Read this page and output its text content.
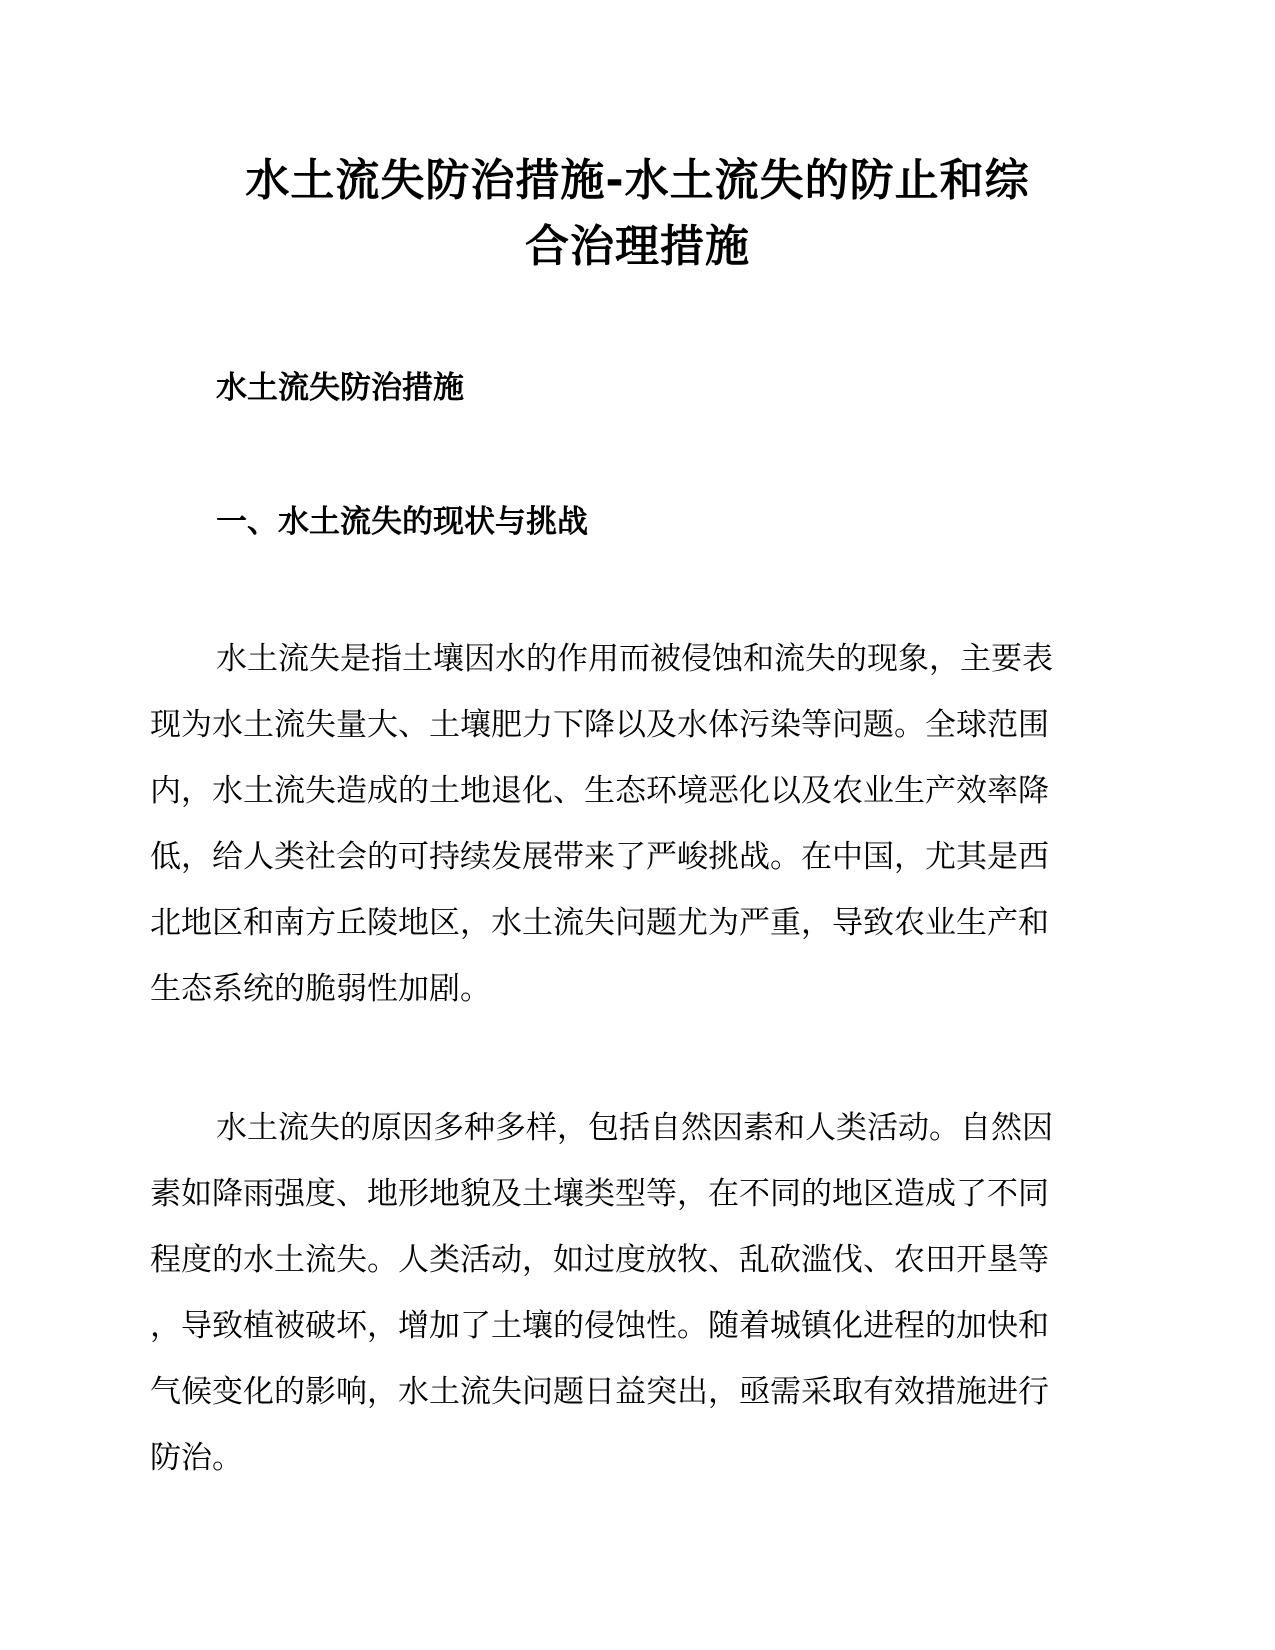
水土流失防治措施-水土流失的防止和综
合治理措施
水土流失防治措施
一、水土流失的现状与挑战

水土流失是指土壤因水的作用而被侵蚀和流失的现象，主要表
现为水土流失量大、土壤肥力下降以及水体污染等问题。全球范围
内，水土流失造成的土地退化、生态环境恶化以及农业生产效率降
低，给人类社会的可持续发展带来了严峻挑战。在中国，尤其是西
北地区和南方丘陵地区，水土流失问题尤为严重，导致农业生产和
生态系统的脆弱性加剧。

水土流失的原因多种多样，包括自然因素和人类活动。自然因
素如降雨强度、地形地貌及土壤类型等，在不同的地区造成了不同
程度的水土流失。人类活动，如过度放牧、乱砍滥伐、农田开垦等
，导致植被破坏，增加了土壤的侵蚀性。随着城镇化进程的加快和
气候变化的影响，水土流失问题日益突出，亟需采取有效措施进行
防治。
